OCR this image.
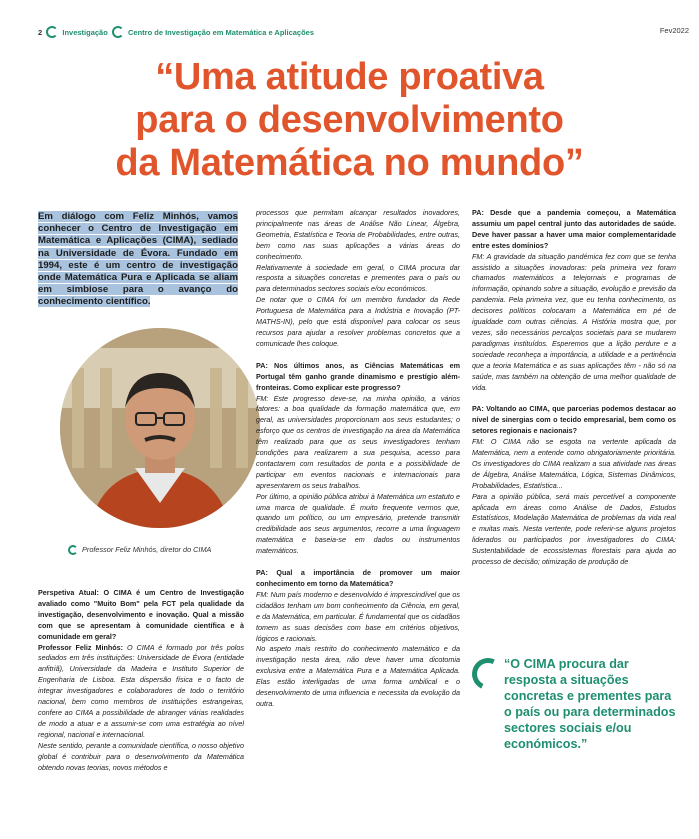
2	Investigação	Centro de Investigação em Matemática e Aplicações	Fev2022
“Uma atitude proativa
para o desenvolvimento
da Matemática no mundo”
Em diálogo com Feliz Minhós, vamos conhecer o Centro de Investigação em Matemática e Aplicações (CIMA), sediado na Universidade de Évora. Fundado em 1994, este é um centro de investigação onde Matemática Pura e Aplicada se aliam em simbiose para o avanço do conhecimento científico.
Professor Feliz Minhós, diretor do CIMA

Perspetiva Atual: O CIMA é um Centro de Investigação avaliado como "Muito Bom" pela FCT pela qualidade da investigação, desenvolvimento e inovação. Qual a missão com que se apresentam à comunidade científica e à comunidade em geral?

Professor Feliz Minhós: O CIMA é formado por três polos sediados em três instituições: Universidade de Évora (entidade anfitriã), Universidade da Madeira e Instituto Superior de Engenharia de Lisboa. Esta dispersão física e o facto de integrar investigadores e colaboradores de todo o território nacional, bem como membros de instituições estrangeiras, confere ao CIMA a possibilidade de abranger várias realidades de modo a atuar e a assumir-se com uma estratégia ao nível regional, nacional e internacional.

Neste sentido, perante a comunidade científica, o nosso objetivo global é contribuir para o desenvolvimento da Matemática obtendo novas teorias, novos métodos e

processos que permitam alcançar resultados inovadores, principalmente nas áreas de Análise Não Linear, Álgebra, Geometria, Estatística e Teoria de Probabilidades, entre outras, bem como nas suas aplicações a várias áreas do conhecimento.

Relativamente à sociedade em geral, o CIMA procura dar resposta a situações concretas e prementes para o país ou para determinados sectores sociais e/ou económicos.

De notar que o CIMA foi um membro fundador da Rede Portuguesa de Matemática para a Indústria e Inovação (PT-MATHS-IN), pelo que está disponível para colocar os seus recursos para ajudar a resolver problemas concretos que a comunicade lhes coloque.

PA: Nos últimos anos, as Ciências Matemáticas em Portugal têm ganho grande dinamismo e prestígio além-fronteiras. Como explicar este progresso?

FM: Este progresso deve-se, na minha opinião, a vários fatores: a boa qualidade da formação matemática que, em geral, as universidades proporcionam aos seus estudantes; o esforço que os centros de investigação na área da Matemática têm realizado para que os seus investigadores tenham condições para realizarem a sua pesquisa, acesso para contactarem com resultados de ponta e a possibilidade de participar em eventos nacionais e internacionais para apresentarem os seus trabalhos.

Por último, a opinião pública atribui à Matemática um estatuto e uma marca de qualidade. É muito frequente vermos que, quando um político, ou um empresário, pretende transmitir credibilidade aos seus argumentos, recorre a uma linguagem matemática e baseia-se em dados ou instrumentos matemáticos.

PA: Qual a importância de promover um maior conhecimento em torno da Matemática?

FM: Num país moderno e desenvolvido é imprescindível que os cidadãos tenham um bom conhecimento da Ciência, em geral, e da Matemática, em particular. É fundamental que os cidadãos tomem as suas decisões com base em critérios objetivos, lógicos e racionais.

No aspeto mais restrito do conhecimento matemático e da investigação nesta área, não deve haver uma dicotomia exclusiva entre a Matemática Pura e a Matemática Aplicada. Elas estão interligadas de uma forma umbilical e o desenvolvimento de uma influencia e necessita da evolução da outra.

PA: Desde que a pandemia começou, a Matemática assumiu um papel central junto das autoridades de saúde. Deve haver passar a haver uma maior complementaridade entre estes domínios?

FM: A gravidade da situação pandémica fez com que se tenha assistido a situações inovadoras: pela primeira vez foram chamados matemáticos a telejornais e programas de informação, opinando sobre a situação, evolução e previsão da pandemia. Pela primeira vez, que eu tenha conhecimento, os decisores políticos colocaram a Matemática em pé de igualdade com outras ciências. A História mostra que, por vezes, são necessários percalços societais para se mudarem paradigmas instituídos. Esperemos que a lição perdure e a sociedade reconheça a importância, a utilidade e a pertinência que a teoria Matemática e as suas aplicações têm - não só na saúde, mas também na obtenção de uma melhor qualidade de vida.

PA: Voltando ao CIMA, que parcerias podemos destacar ao nível de sinergias com o tecido empresarial, bem como os setores regionais e nacionais?

FM: O CIMA não se esgota na vertente aplicada da Matemática, nem a entende como obrigatoriamente prioritária. Os investigadores do CIMA realizam a sua atividade nas áreas de Álgebra, Análise Matemática, Lógica, Sistemas Dinâmicos, Probabilidades, Estatística...

Para a opinião pública, será mais percetível a componente aplicada em áreas como Análise de Dados, Estudos Estatísticos, Modelação Matemática de problemas da vida real e muitas mais. Nesta vertente, pode referir-se alguns projetos liderados ou participados por investigadores do CIMA: Sustentabilidade de ecossistemas florestais para ajuda ao processo de decisão; otimização de produção de

“O CIMA procura dar resposta a situações concretas e prementes para o país ou para determinados sectores sociais e/ou económicos.”
